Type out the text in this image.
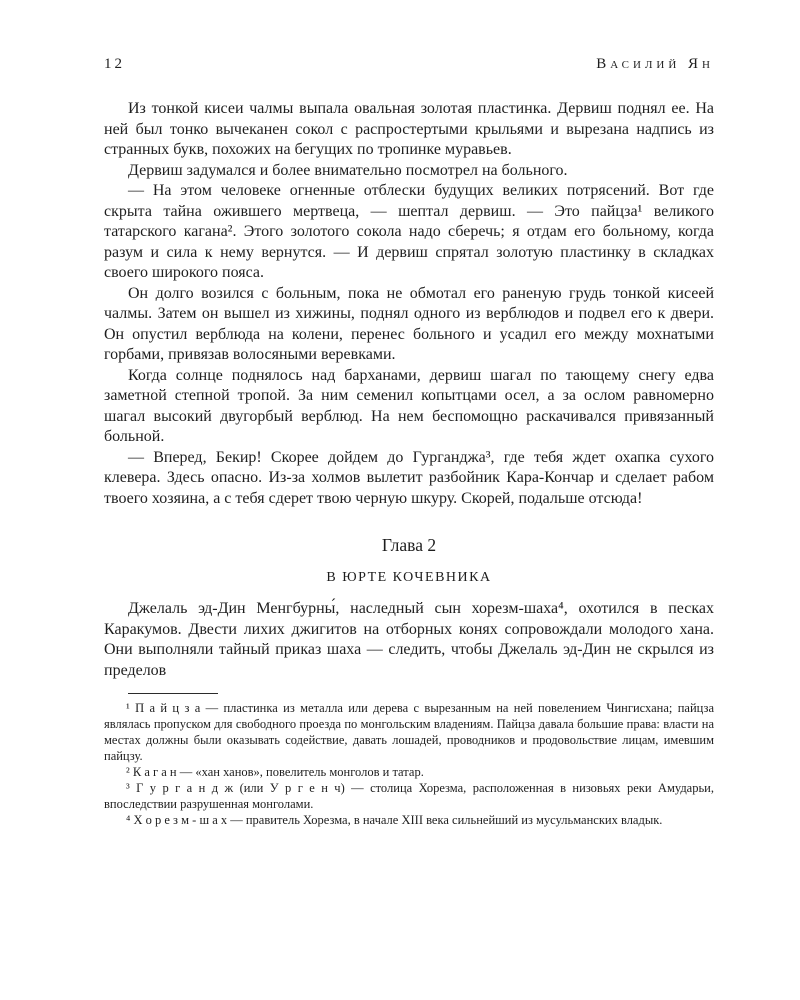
12	Василий Ян

Из тонкой кисеи чалмы выпала овальная золотая пластинка. Дервиш поднял ее. На ней был тонко вычеканен сокол с распростертыми крыльями и вырезана надпись из странных букв, похожих на бегущих по тропинке муравьев.

Дервиш задумался и более внимательно посмотрел на больного.

— На этом человеке огненные отблески будущих великих потрясений. Вот где скрыта тайна ожившего мертвеца, — шептал дервиш. — Это пайцза¹ великого татарского кагана². Этого золотого сокола надо сберечь; я отдам его больному, когда разум и сила к нему вернутся. — И дервиш спрятал золотую пластинку в складках своего широкого пояса.

Он долго возился с больным, пока не обмотал его раненую грудь тонкой кисеей чалмы. Затем он вышел из хижины, поднял одного из верблюдов и подвел его к двери. Он опустил верблюда на колени, перенес больного и усадил его между мохнатыми горбами, привязав волосяными веревками.

Когда солнце поднялось над барханами, дервиш шагал по тающему снегу едва заметной степной тропой. За ним семенил копытцами осел, а за ослом равномерно шагал высокий двугорбый верблюд. На нем беспомощно раскачивался привязанный больной.

— Вперед, Бекир! Скорее дойдем до Гурганджа³, где тебя ждет охапка сухого клевера. Здесь опасно. Из-за холмов вылетит разбойник Кара-Кончар и сделает рабом твоего хозяина, а с тебя сдерет твою черную шкуру. Скорей, подальше отсюда!

Глава 2
В ЮРТЕ КОЧЕВНИКА

Джелаль эд-Дин Менгбурны́, наследный сын хорезм-шаха⁴, охотился в песках Каракумов. Двести лихих джигитов на отборных конях сопровождали молодого хана. Они выполняли тайный приказ шаха — следить, чтобы Джелаль эд-Дин не скрылся из пределов

¹ П а й ц з а — пластинка из металла или дерева с вырезанным на ней повелением Чингисхана; пайцза являлась пропуском для свободного проезда по монгольским владениям. Пайцза давала большие права: власти на местах должны были оказывать содействие, давать лошадей, проводников и продовольствие лицам, имевшим пайцзу.

² К а г а н — «хан ханов», повелитель монголов и татар.

³ Г у р г а н д ж (или У р г е н ч) — столица Хорезма, расположенная в низовьях реки Амударьи, впоследствии разрушенная монголами.

⁴ Х о р е з м - ш а х — правитель Хорезма, в начале XIII века сильнейший из мусульманских владык.
